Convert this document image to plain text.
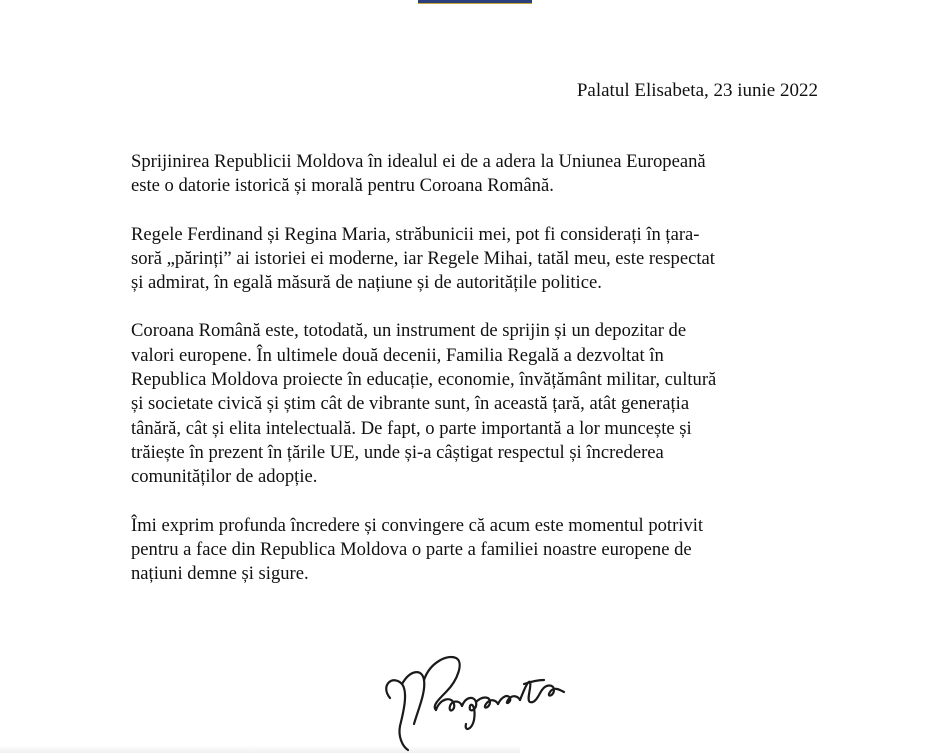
Palatul Elisabeta, 23 iunie 2022

Sprijinirea Republicii Moldova în idealul ei de a adera la Uniunea Europeană
este o datorie istorică și morală pentru Coroana Română.

Regele Ferdinand și Regina Maria, străbunicii mei, pot fi considerați în țara-
soră „părinți” ai istoriei ei moderne, iar Regele Mihai, tatăl meu, este respectat
și admirat, în egală măsură de națiune și de autoritățile politice.

Coroana Română este, totodată, un instrument de sprijin și un depozitar de
valori europene. În ultimele două decenii, Familia Regală a dezvoltat în
Republica Moldova proiecte în educație, economie, învățământ militar, cultură
și societate civică și știm cât de vibrante sunt, în această țară, atât generația
tânără, cât și elita intelectuală. De fapt, o parte importantă a lor muncește și
trăiește în prezent în țările UE, unde și-a câștigat respectul și încrederea
comunităților de adopție.

Îmi exprim profunda încredere și convingere că acum este momentul potrivit
pentru a face din Republica Moldova o parte a familiei noastre europene de
națiuni demne și sigure.
